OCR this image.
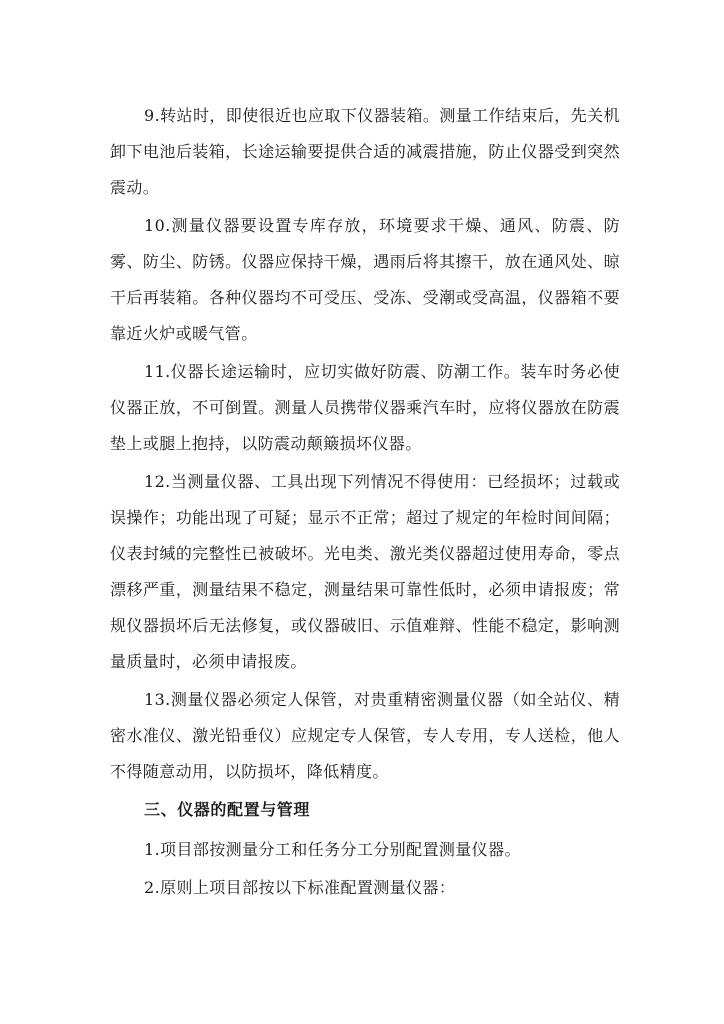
9.转站时，即使很近也应取下仪器装箱。测量工作结束后，先关机卸下电池后装箱，长途运输要提供合适的减震措施，防止仪器受到突然震动。

10.测量仪器要设置专库存放，环境要求干燥、通风、防震、防雾、防尘、防锈。仪器应保持干燥，遇雨后将其擦干，放在通风处、晾干后再装箱。各种仪器均不可受压、受冻、受潮或受高温，仪器箱不要靠近火炉或暖气管。

11.仪器长途运输时，应切实做好防震、防潮工作。装车时务必使仪器正放，不可倒置。测量人员携带仪器乘汽车时，应将仪器放在防震垫上或腿上抱持，以防震动颠簸损坏仪器。

12.当测量仪器、工具出现下列情况不得使用：已经损坏；过载或误操作；功能出现了可疑；显示不正常；超过了规定的年检时间间隔；仪表封缄的完整性已被破坏。光电类、激光类仪器超过使用寿命，零点漂移严重，测量结果不稳定，测量结果可靠性低时，必须申请报废；常规仪器损坏后无法修复，或仪器破旧、示值难辩、性能不稳定，影响测量质量时，必须申请报废。

13.测量仪器必须定人保管，对贵重精密测量仪器（如全站仪、精密水准仪、激光铅垂仪）应规定专人保管，专人专用，专人送检，他人不得随意动用，以防损坏，降低精度。

三、仪器的配置与管理

1.项目部按测量分工和任务分工分别配置测量仪器。

2.原则上项目部按以下标准配置测量仪器：
